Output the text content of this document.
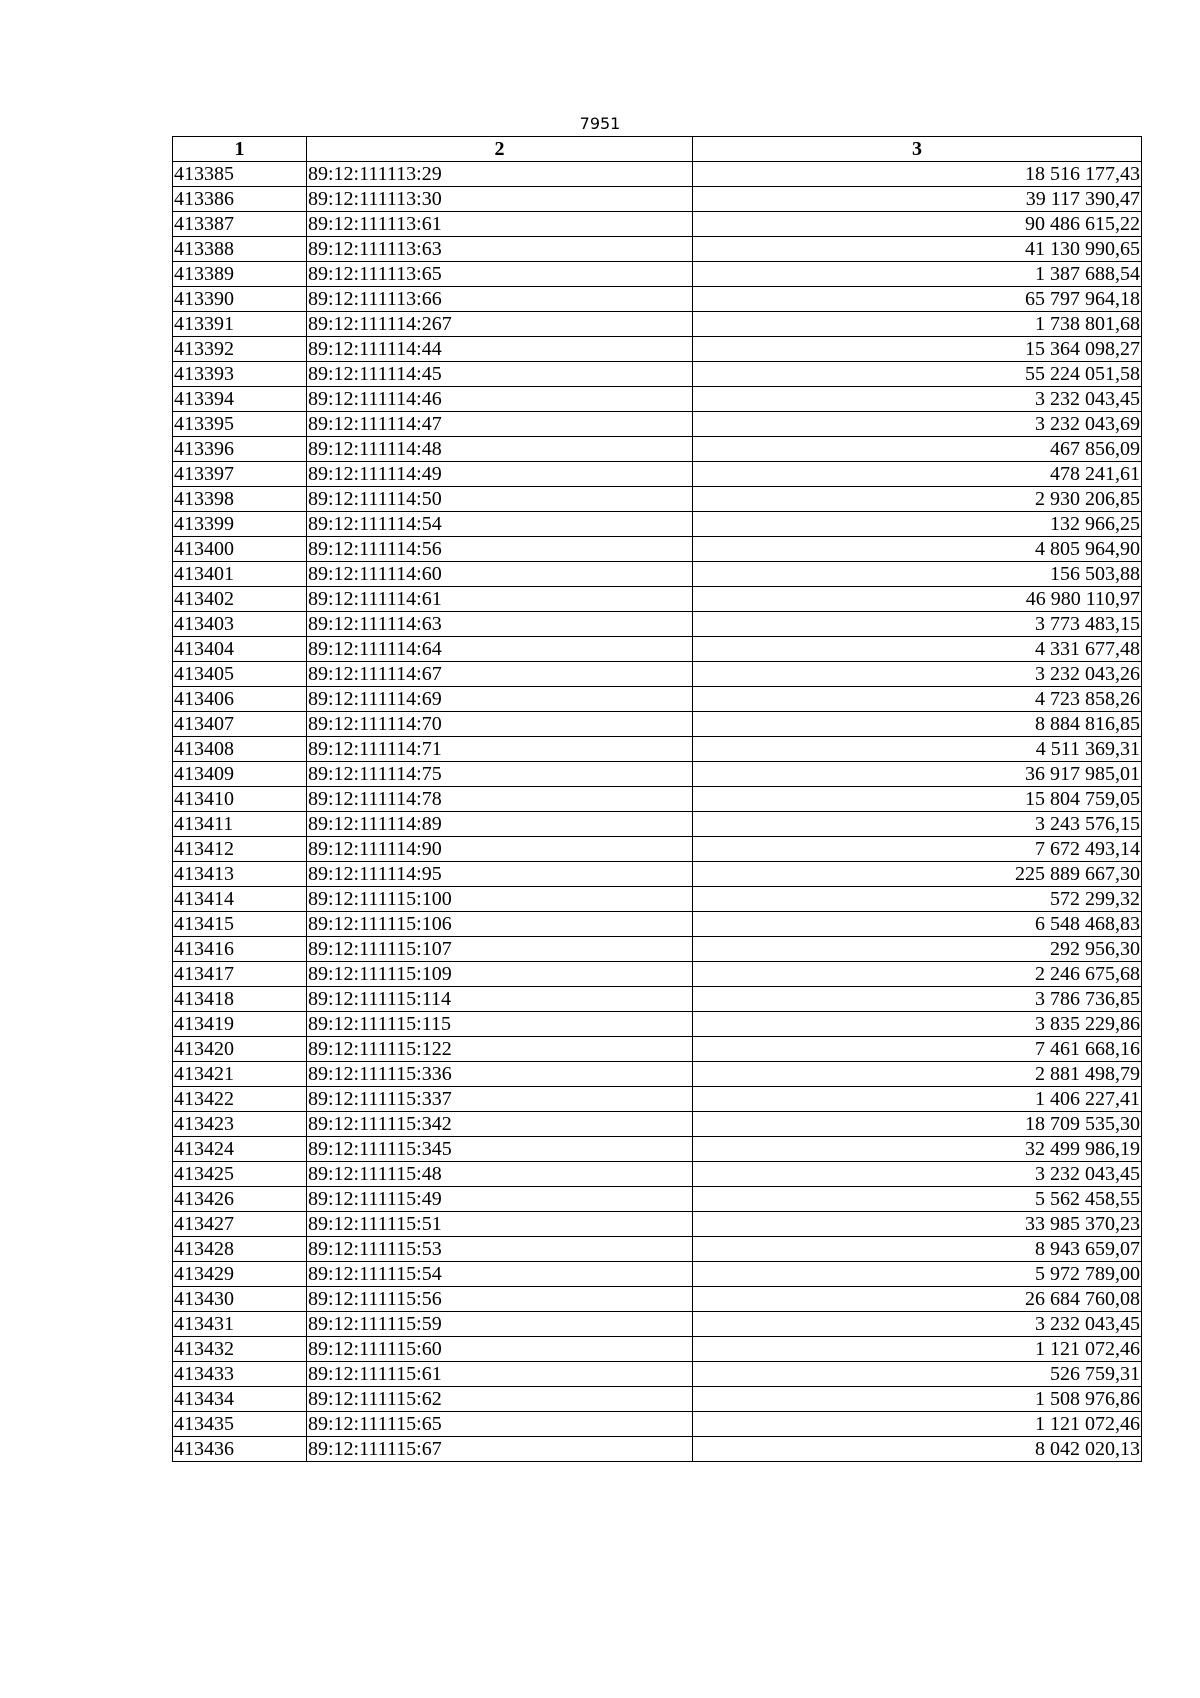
7951
1	2	3
413385	89:12:111113:29	18 516 177,43
413386	89:12:111113:30	39 117 390,47
413387	89:12:111113:61	90 486 615,22
413388	89:12:111113:63	41 130 990,65
413389	89:12:111113:65	1 387 688,54
413390	89:12:111113:66	65 797 964,18
413391	89:12:111114:267	1 738 801,68
413392	89:12:111114:44	15 364 098,27
413393	89:12:111114:45	55 224 051,58
413394	89:12:111114:46	3 232 043,45
413395	89:12:111114:47	3 232 043,69
413396	89:12:111114:48	467 856,09
413397	89:12:111114:49	478 241,61
413398	89:12:111114:50	2 930 206,85
413399	89:12:111114:54	132 966,25
413400	89:12:111114:56	4 805 964,90
413401	89:12:111114:60	156 503,88
413402	89:12:111114:61	46 980 110,97
413403	89:12:111114:63	3 773 483,15
413404	89:12:111114:64	4 331 677,48
413405	89:12:111114:67	3 232 043,26
413406	89:12:111114:69	4 723 858,26
413407	89:12:111114:70	8 884 816,85
413408	89:12:111114:71	4 511 369,31
413409	89:12:111114:75	36 917 985,01
413410	89:12:111114:78	15 804 759,05
413411	89:12:111114:89	3 243 576,15
413412	89:12:111114:90	7 672 493,14
413413	89:12:111114:95	225 889 667,30
413414	89:12:111115:100	572 299,32
413415	89:12:111115:106	6 548 468,83
413416	89:12:111115:107	292 956,30
413417	89:12:111115:109	2 246 675,68
413418	89:12:111115:114	3 786 736,85
413419	89:12:111115:115	3 835 229,86
413420	89:12:111115:122	7 461 668,16
413421	89:12:111115:336	2 881 498,79
413422	89:12:111115:337	1 406 227,41
413423	89:12:111115:342	18 709 535,30
413424	89:12:111115:345	32 499 986,19
413425	89:12:111115:48	3 232 043,45
413426	89:12:111115:49	5 562 458,55
413427	89:12:111115:51	33 985 370,23
413428	89:12:111115:53	8 943 659,07
413429	89:12:111115:54	5 972 789,00
413430	89:12:111115:56	26 684 760,08
413431	89:12:111115:59	3 232 043,45
413432	89:12:111115:60	1 121 072,46
413433	89:12:111115:61	526 759,31
413434	89:12:111115:62	1 508 976,86
413435	89:12:111115:65	1 121 072,46
413436	89:12:111115:67	8 042 020,13
